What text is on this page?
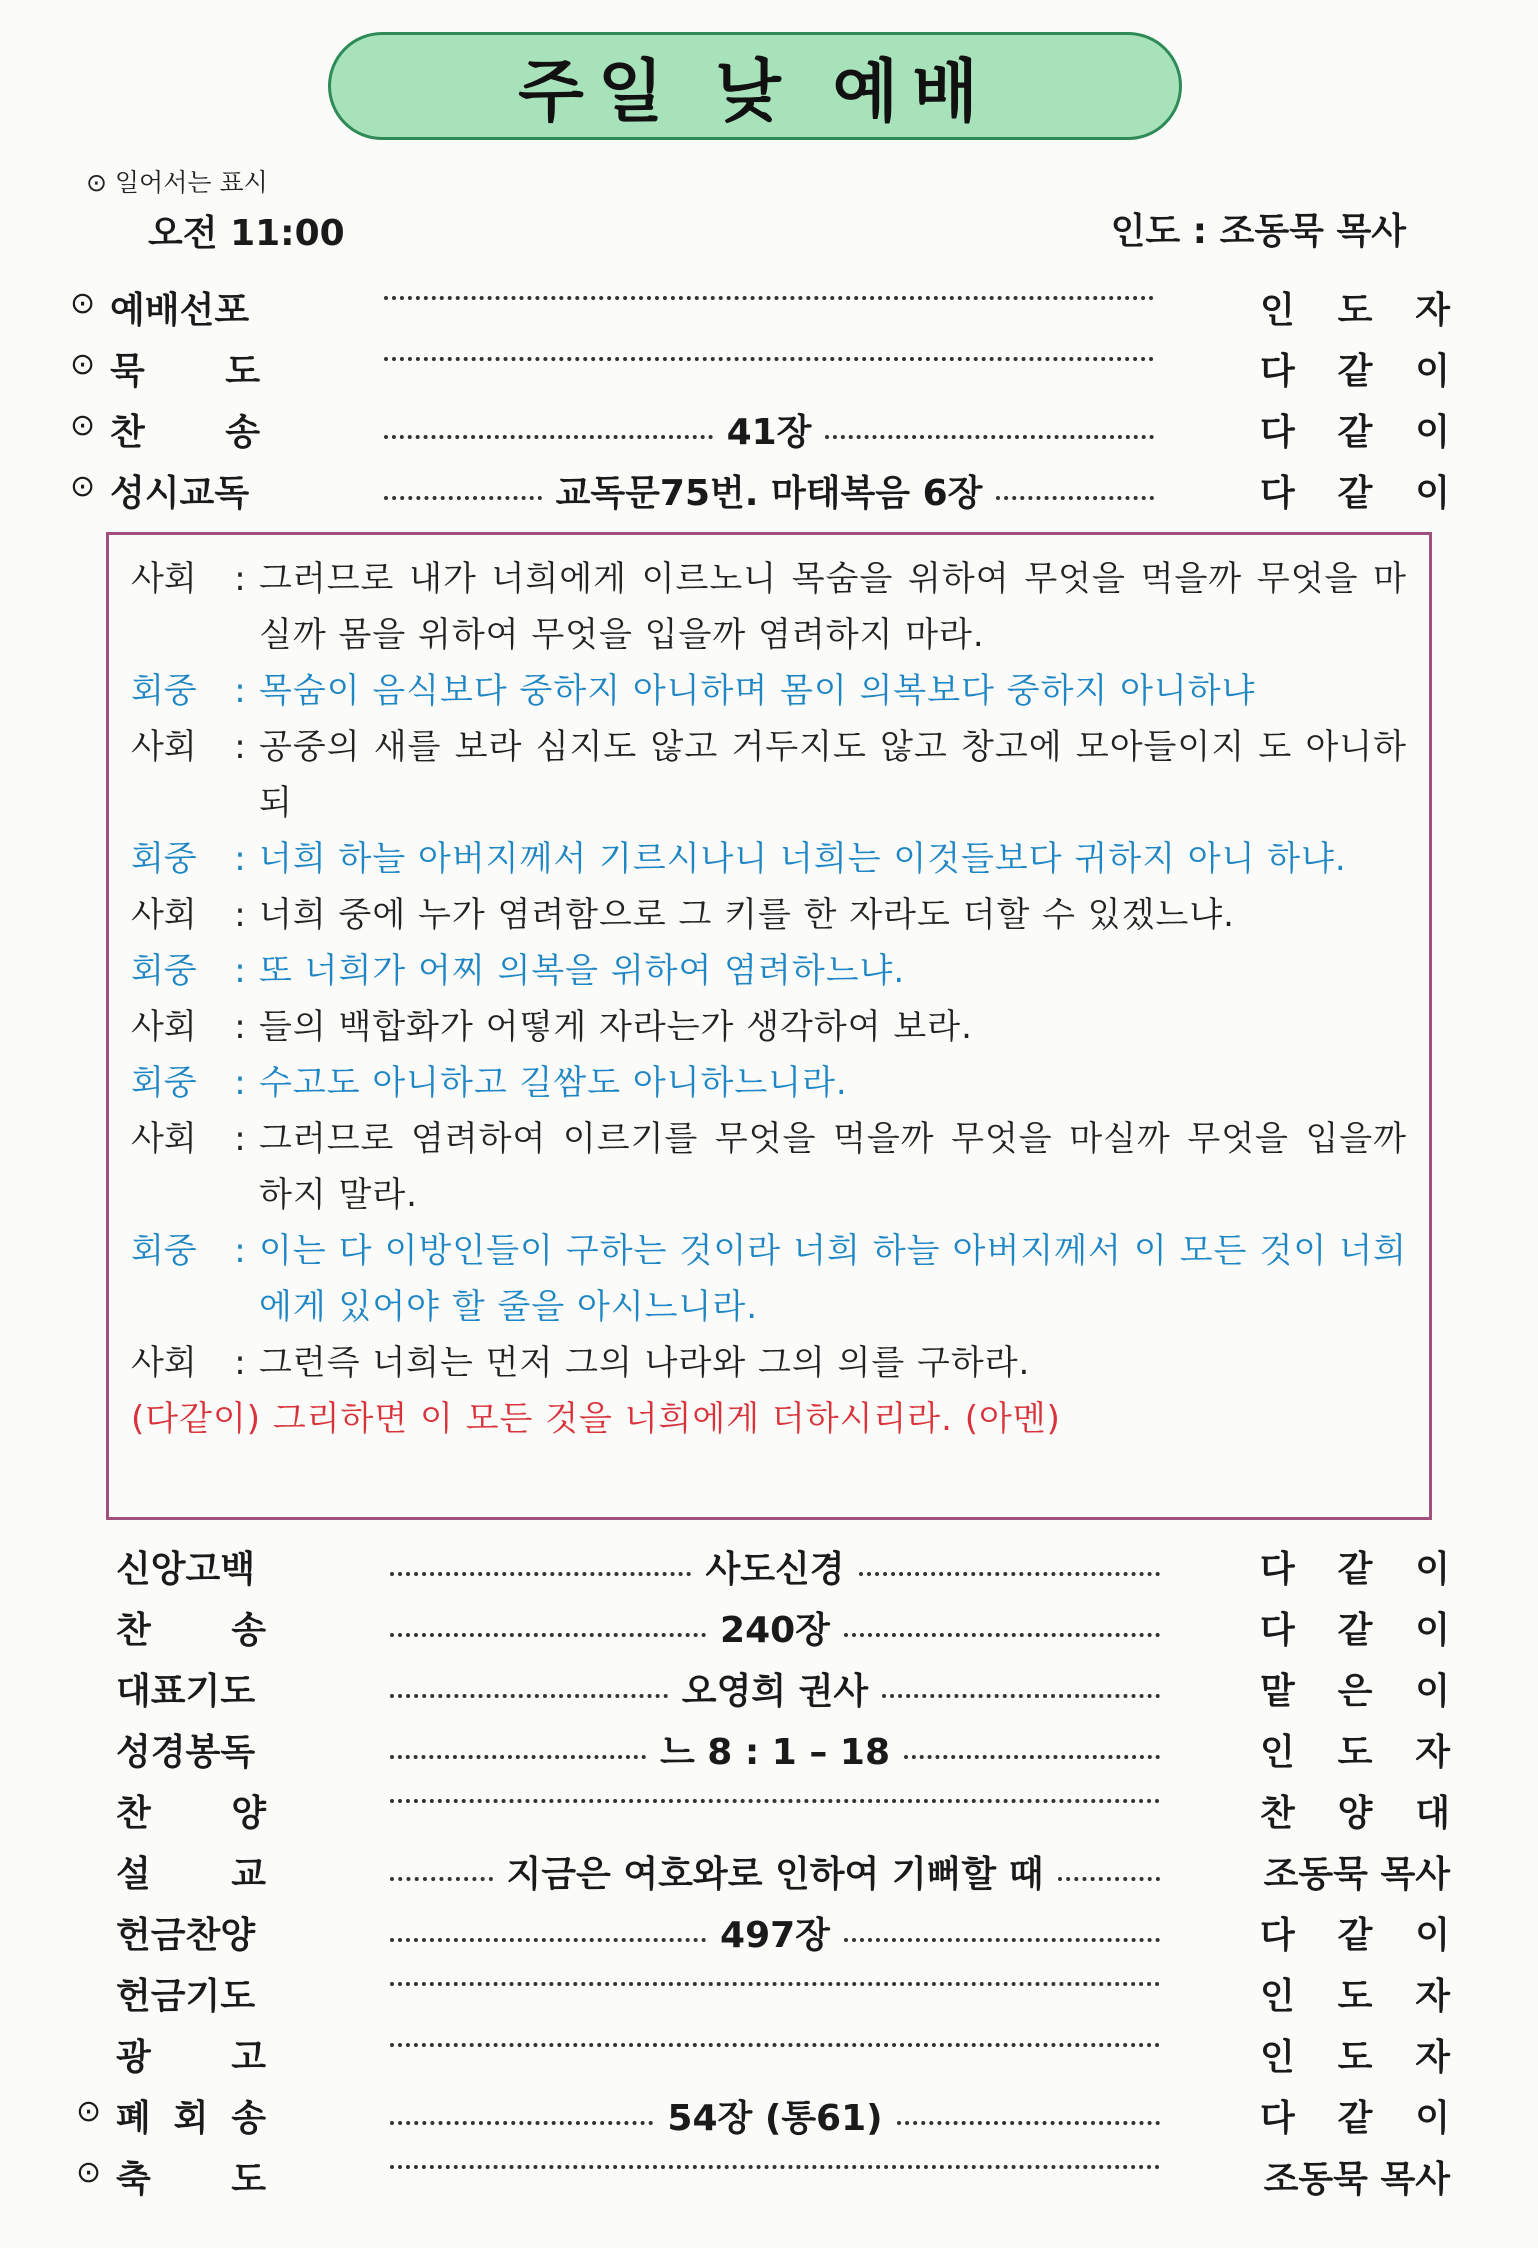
주일 낮 예배
⊙ 일어서는 표시
오전 11:00	인도 : 조동묵 목사
⊙ 예배선포	인 도 자
⊙ 묵 도	다 같 이
⊙ 찬 송	41장	다 같 이
⊙ 성시교독	교독문75번. 마태복음 6장	다 같 이
사회	: 그러므로 내가 너희에게 이르노니 목숨을 위하여 무엇을 먹을까 무엇을 마실까 몸을 위하여 무엇을 입을까 염려하지 마라.
회중	: 목숨이 음식보다 중하지 아니하며 몸이 의복보다 중하지 아니하냐
사회	: 공중의 새를 보라 심지도 않고 거두지도 않고 창고에 모아들이지 도 아니하되
회중	: 너희 하늘 아버지께서 기르시나니 너희는 이것들보다 귀하지 아니 하냐.
사회	: 너희 중에 누가 염려함으로 그 키를 한 자라도 더할 수 있겠느냐.
회중	: 또 너희가 어찌 의복을 위하여 염려하느냐.
사회	: 들의 백합화가 어떻게 자라는가 생각하여 보라.
회중	: 수고도 아니하고 길쌈도 아니하느니라.
사회	: 그러므로 염려하여 이르기를 무엇을 먹을까 무엇을 마실까 무엇을 입을까 하지 말라.
회중	: 이는 다 이방인들이 구하는 것이라 너희 하늘 아버지께서 이 모든 것이 너희에게 있어야 할 줄을 아시느니라.
사회	: 그런즉 너희는 먼저 그의 나라와 그의 의를 구하라.
(다같이) 그리하면 이 모든 것을 너희에게 더하시리라. (아멘)
신앙고백	사도신경	다 같 이
찬 송	240장	다 같 이
대표기도	오영희 권사	맡 은 이
성경봉독	느 8 : 1 – 18	인 도 자
찬 양	찬 양 대
설 교	지금은 여호와로 인하여 기뻐할 때	조동묵 목사
헌금찬양	497장	다 같 이
헌금기도	인 도 자
광 고	인 도 자
⊙ 폐 회 송	54장 (통61)	다 같 이
⊙ 축 도	조동묵 목사
